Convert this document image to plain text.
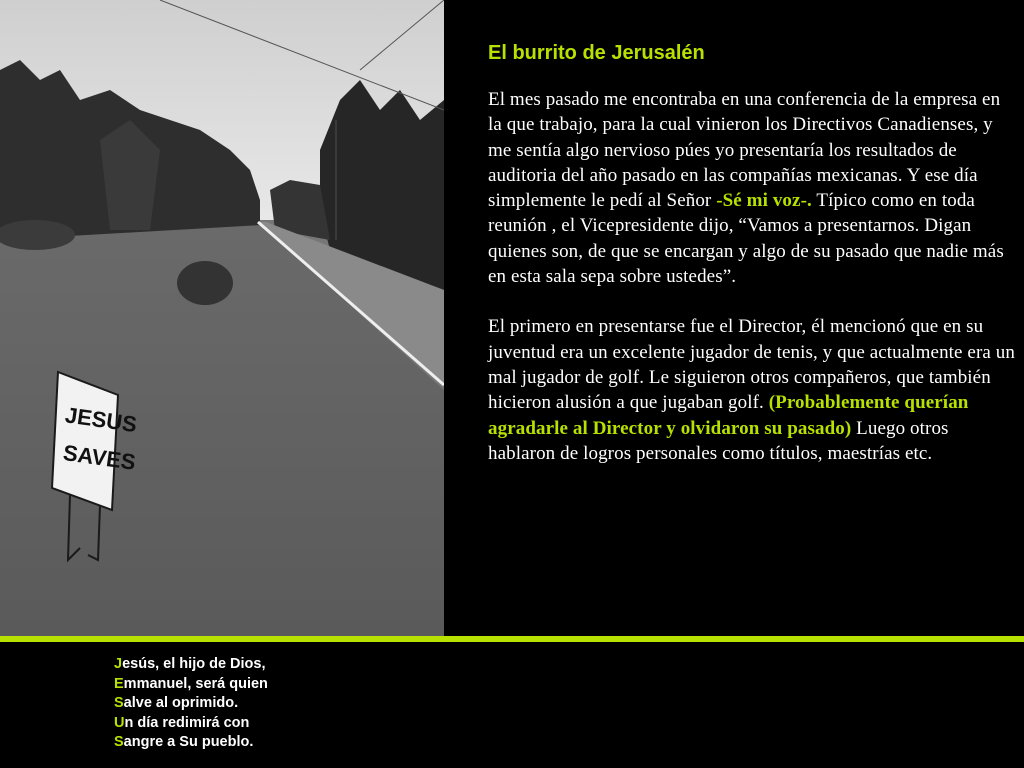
JESUS
SAVES
El burrito de Jerusalén

El mes pasado me encontraba en una conferencia de la empresa en la que trabajo, para la cual vinieron los Directivos Canadienses, y me sentía algo nervioso púes yo presentaría los resultados de auditoria del año pasado en las compañías mexicanas. Y ese día simplemente le pedí al Señor -Sé mi voz-. Típico como en toda reunión , el Vicepresidente dijo, “Vamos a presentarnos. Digan quienes son, de que se encargan y algo de su pasado que nadie más en esta sala sepa sobre ustedes”.

El primero en presentarse fue el Director, él mencionó que en su juventud era un excelente jugador de tenis, y que actualmente era un mal jugador de golf. Le siguieron otros compañeros, que también hicieron alusión a que jugaban golf. (Probablemente querían agradarle al Director y olvidaron su pasado) Luego otros hablaron de logros personales como títulos, maestrías etc.

Jesús, el hijo de Dios,
Emmanuel, será quien
Salve al oprimido.
Un día redimirá con
Sangre a Su pueblo.
